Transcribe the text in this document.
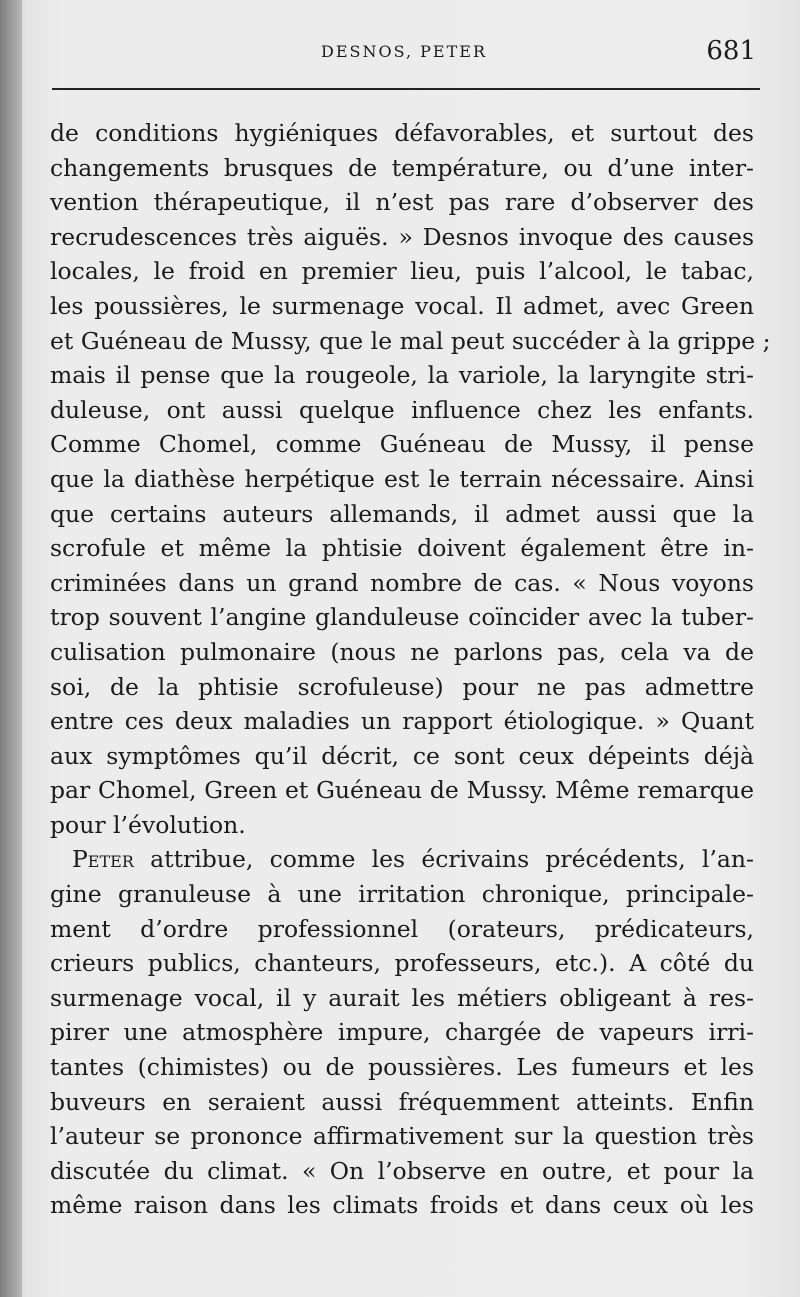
DESNOS, PETER	681
de conditions hygiéniques défavorables, et surtout des
changements brusques de température, ou d’une inter-
vention thérapeutique, il n’est pas rare d’observer des
recrudescences très aiguës. » Desnos invoque des causes
locales, le froid en premier lieu, puis l’alcool, le tabac,
les poussières, le surmenage vocal. Il admet, avec Green
et Guéneau de Mussy, que le mal peut succéder à la grippe ;
mais il pense que la rougeole, la variole, la laryngite stri-
duleuse, ont aussi quelque influence chez les enfants.
Comme Chomel, comme Guéneau de Mussy, il pense
que la diathèse herpétique est le terrain nécessaire. Ainsi
que certains auteurs allemands, il admet aussi que la
scrofule et même la phtisie doivent également être in-
criminées dans un grand nombre de cas. « Nous voyons
trop souvent l’angine glanduleuse coïncider avec la tuber-
culisation pulmonaire (nous ne parlons pas, cela va de
soi, de la phtisie scrofuleuse) pour ne pas admettre
entre ces deux maladies un rapport étiologique. » Quant
aux symptômes qu’il décrit, ce sont ceux dépeints déjà
par Chomel, Green et Guéneau de Mussy. Même remarque
pour l’évolution.
Peter attribue, comme les écrivains précédents, l’an-
gine granuleuse à une irritation chronique, principale-
ment d’ordre professionnel (orateurs, prédicateurs,
crieurs publics, chanteurs, professeurs, etc.). A côté du
surmenage vocal, il y aurait les métiers obligeant à res-
pirer une atmosphère impure, chargée de vapeurs irri-
tantes (chimistes) ou de poussières. Les fumeurs et les
buveurs en seraient aussi fréquemment atteints. Enfin
l’auteur se prononce affirmativement sur la question très
discutée du climat. « On l’observe en outre, et pour la
même raison dans les climats froids et dans ceux où les
